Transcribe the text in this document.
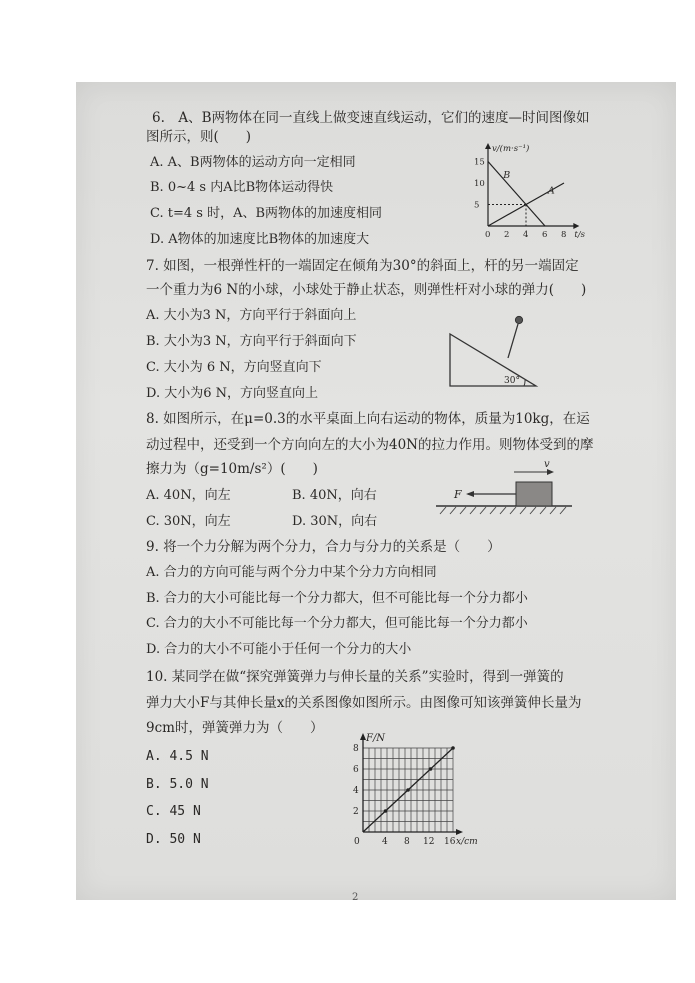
6.　A、B两物体在同一直线上做变速直线运动，它们的速度—时间图像如
图所示，则(　　)
A. A、B两物体的运动方向一定相同
B. 0~4 s 内A比B物体运动得快
C. t=4 s 时，A、B两物体的加速度相同
D. A物体的加速度比B物体的加速度大
v/(m·s⁻¹)
t/s
15
10
5
0 2 4 6 8
A
B
7. 如图，一根弹性杆的一端固定在倾角为30°的斜面上，杆的另一端固定
一个重力为6 N的小球，小球处于静止状态，则弹性杆对小球的弹力(　　)
A. 大小为3 N，方向平行于斜面向上
B. 大小为3 N，方向平行于斜面向下
C. 大小为 6 N，方向竖直向下
D. 大小为6 N，方向竖直向上
30°
8. 如图所示，在μ=0.3的水平桌面上向右运动的物体，质量为10kg，在运
动过程中，还受到一个方向向左的大小为40N的拉力作用。则物体受到的摩
擦力为（g=10m/s²）(　　)
A. 40N，向左	B. 40N，向右
C. 30N，向左	D. 30N，向右
F
v
9. 将一个力分解为两个分力，合力与分力的关系是（　　）
A. 合力的方向可能与两个分力中某个分力方向相同
B. 合力的大小可能比每一个分力都大，但不可能比每一个分力都小
C. 合力的大小不可能比每一个分力都大，但可能比每一个分力都小
D. 合力的大小不可能小于任何一个分力的大小
10. 某同学在做“探究弹簧弹力与伸长量的关系”实验时，得到一弹簧的
弹力大小F与其伸长量x的关系图像如图所示。由图像可知该弹簧伸长量为
9cm时，弹簧弹力为（　　）
A. 4.5 N
B. 5.0 N
C. 45 N
D. 50 N
F/N
8
6
4
2
0 4 8 12 16 x/cm
2
